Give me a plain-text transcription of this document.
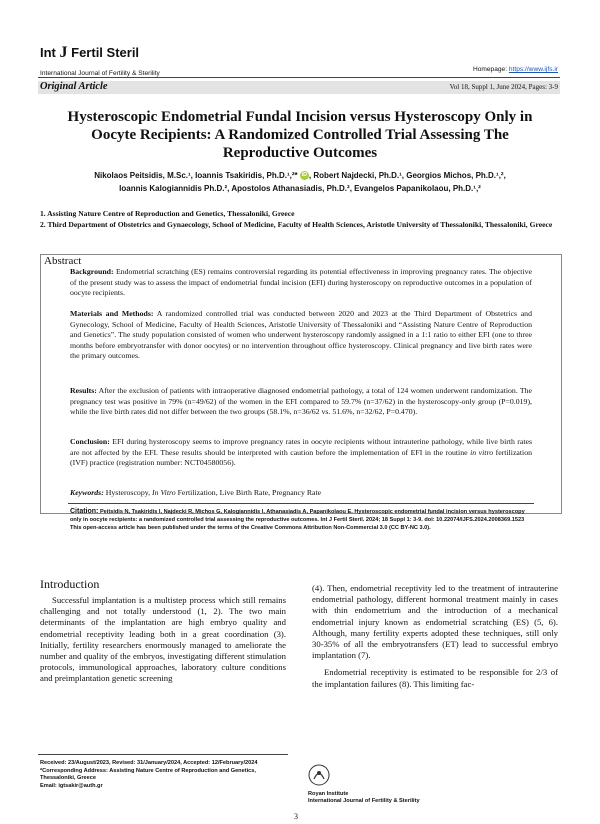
Int J Fertil Steril
International Journal of Fertility & Sterility
Homepage: https://www.ijfs.ir
Original Article	Vol 18, Suppl 1, June 2024, Pages: 3-9
Hysteroscopic Endometrial Fundal Incision versus Hysteroscopy Only in Oocyte Recipients: A Randomized Controlled Trial Assessing The Reproductive Outcomes
Nikolaos Peitsidis, M.Sc.¹, Ioannis Tsakiridis, Ph.D.¹,²* iD , Robert Najdecki, Ph.D.¹, Georgios Michos, Ph.D.¹,²,
Ioannis Kalogiannidis Ph.D.², Apostolos Athanasiadis, Ph.D.², Evangelos Papanikolaou, Ph.D.¹,²
1. Assisting Nature Centre of Reproduction and Genetics, Thessaloniki, Greece
2. Third Department of Obstetrics and Gynaecology, School of Medicine, Faculty of Health Sciences, Aristotle University of Thessaloniki, Thessaloniki, Greece
Abstract
Background: Endometrial scratching (ES) remains controversial regarding its potential effectiveness in improving pregnancy rates. The objective of the present study was to assess the impact of endometrial fundal incision (EFI) during hysteroscopy on reproductive outcomes in a population of oocyte recipients.
Materials and Methods: A randomized controlled trial was conducted between 2020 and 2023 at the Third Department of Obstetrics and Gynecology, School of Medicine, Faculty of Health Sciences, Aristotle University of Thessaloniki and “Assisting Nature Centre of Reproduction and Genetics”. The study population consisted of women who underwent hysteroscopy randomly assigned in a 1:1 ratio to either EFI (one to three months before embryotransfer with donor oocytes) or no intervention throughout office hysteroscopy. Clinical pregnancy and live birth rates were the primary outcomes.
Results: After the exclusion of patients with intraoperative diagnosed endometrial pathology, a total of 124 women underwent randomization. The pregnancy test was positive in 79% (n=49/62) of the women in the EFI compared to 59.7% (n=37/62) in the hysteroscopy-only group (P=0.019), while the live birth rates did not differ between the two groups (58.1%, n=36/62 vs. 51.6%, n=32/62, P=0.470).
Conclusion: EFI during hysteroscopy seems to improve pregnancy rates in oocyte recipients without intrauterine pathology, while live birth rates are not affected by the EFI. These results should be interpreted with caution before the implementation of EFI in the routine in vitro fertilization (IVF) practice (registration number: NCT04580056).
Keywords: Hysteroscopy, In Vitro Fertilization, Live Birth Rate, Pregnancy Rate
Citation: Peitsidis N, Tsakiridis I, Najdecki R, Michos G, Kalogiannidis I, Athanasiadis A, Papanikolaou E. Hysteroscopic endometrial fundal incision versus hysteroscopy only in oocyte recipients: a randomized controlled trial assessing the reproductive outcomes. Int J Fertil Steril. 2024; 18 Suppl 1: 3-9. doi: 10.22074/IJFS.2024.2008369.1523
This open-access article has been published under the terms of the Creative Commons Attribution Non-Commercial 3.0 (CC BY-NC 3.0).
Introduction

Successful implantation is a multistep process which still remains challenging and not totally understood (1, 2). The two main determinants of the implantation are high embryo quality and endometrial receptivity leading both in a great coordination (3). Initially, fertility researchers enormously managed to ameliorate the number and quality of the embryos, investigating different stimulation protocols, immunological approaches, laboratory culture conditions and preimplantation genetic screening

(4). Then, endometrial receptivity led to the treatment of intrauterine endometrial pathology, different hormonal treatment mainly in cases with thin endometrium and the introduction of a mechanical endometrial injury known as endometrial scratching (ES) (5, 6). Although, many fertility experts adopted these techniques, still only 30-35% of all the embryotransfers (ET) lead to successful embryo implantation (7).

Endometrial receptivity is estimated to be responsible for 2/3 of the implantation failures (8). This limiting fac-

Received: 23/August/2023, Revised: 31/January/2024, Accepted: 12/February/2024
*Corresponding Address: Assisting Nature Centre of Reproduction and Genetics, Thessaloniki, Greece
Email: igtsakir@auth.gr
Royan Institute
International Journal of Fertility & Sterility
3
